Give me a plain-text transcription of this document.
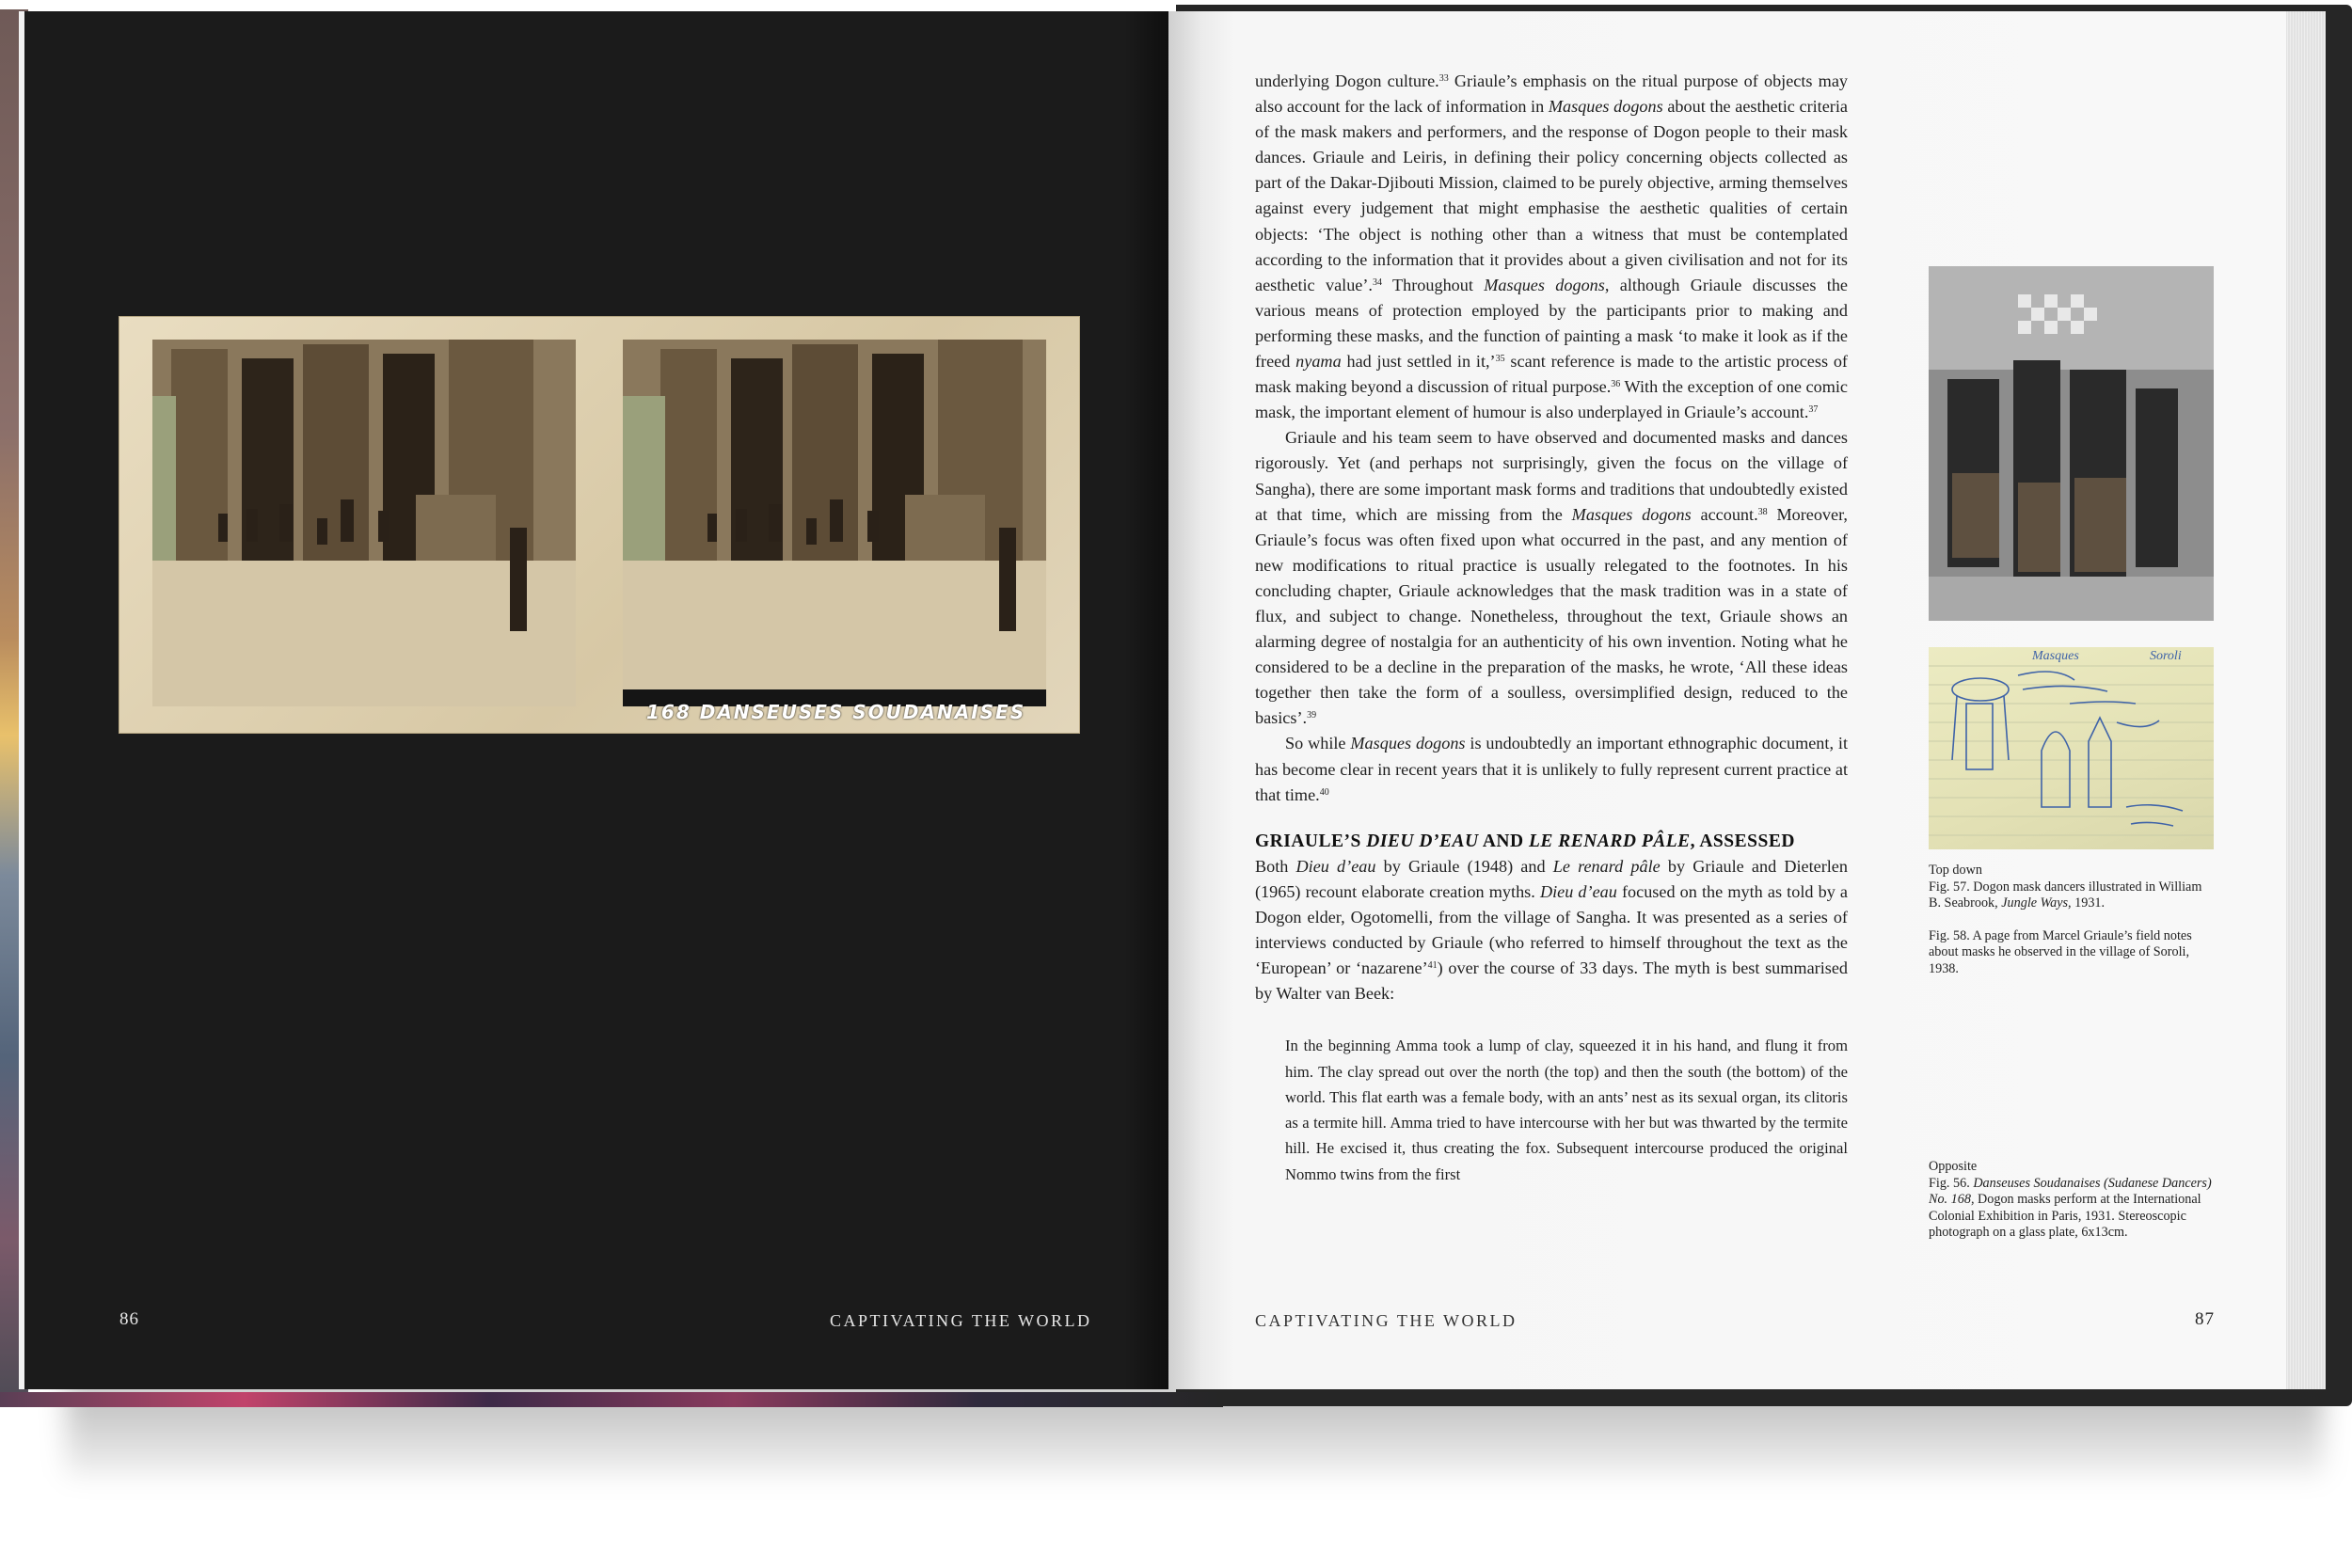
168 DANSEUSES SOUDANAISES
86	CAPTIVATING THE WORLD

underlying Dogon culture.$^{33}$ Griaule’s emphasis on the ritual purpose of objects may also account for the lack of information in Masques dogons about the aesthetic criteria of the mask makers and performers, and the response of Dogon people to their mask dances. Griaule and Leiris, in defining their policy concerning objects collected as part of the Dakar-Djibouti Mission, claimed to be purely objective, arming themselves against every judgement that might emphasise the aesthetic qualities of certain objects: ‘The object is nothing other than a witness that must be contemplated according to the information that it provides about a given civilisation and not for its aesthetic value’.$^{34}$ Throughout Masques dogons, although Griaule discusses the various means of protection employed by the participants prior to making and performing these masks, and the function of painting a mask ‘to make it look as if the freed nyama had just settled in it,’$^{35}$ scant reference is made to the artistic process of mask making beyond a discussion of ritual purpose.$^{36}$ With the exception of one comic mask, the important element of humour is also underplayed in Griaule’s account.$^{37}$

Griaule and his team seem to have observed and documented masks and dances rigorously. Yet (and perhaps not surprisingly, given the focus on the village of Sangha), there are some important mask forms and traditions that undoubtedly existed at that time, which are missing from the Masques dogons account.$^{38}$ Moreover, Griaule’s focus was often fixed upon what occurred in the past, and any mention of new modifications to ritual practice is usually relegated to the footnotes. In his concluding chapter, Griaule acknowledges that the mask tradition was in a state of flux, and subject to change. Nonetheless, throughout the text, Griaule shows an alarming degree of nostalgia for an authenticity of his own invention. Noting what he considered to be a decline in the preparation of the masks, he wrote, ‘All these ideas together then take the form of a soulless, oversimplified design, reduced to the basics’.$^{39}$

So while Masques dogons is undoubtedly an important ethnographic document, it has become clear in recent years that it is unlikely to fully represent current practice at that time.$^{40}$

GRIAULE’S DIEU D’EAU AND LE RENARD PÂLE, ASSESSED

Both Dieu d’eau by Griaule (1948) and Le renard pâle by Griaule and Dieterlen (1965) recount elaborate creation myths. Dieu d’eau focused on the myth as told by a Dogon elder, Ogotomelli, from the village of Sangha. It was presented as a series of interviews conducted by Griaule (who referred to himself throughout the text as the ‘European’ or ‘nazarene’$^{41}$) over the course of 33 days. The myth is best summarised by Walter van Beek:

In the beginning Amma took a lump of clay, squeezed it in his hand, and flung it from him. The clay spread out over the north (the top) and then the south (the bottom) of the world. This flat earth was a female body, with an ants’ nest as its sexual organ, its clitoris as a termite hill. Amma tried to have intercourse with her but was thwarted by the termite hill. He excised it, thus creating the fox. Subsequent intercourse produced the original Nommo twins from the first
Masques	Soroli
Top down
Fig. 57. Dogon mask dancers illustrated in William B. Seabrook, Jungle Ways, 1931.
Fig. 58. A page from Marcel Griaule’s field notes about masks he observed in the village of Soroli, 1938.
Opposite
Fig. 56. Danseuses Soudanaises (Sudanese Dancers) No. 168, Dogon masks perform at the International Colonial Exhibition in Paris, 1931. Stereoscopic photograph on a glass plate, 6x13cm.
CAPTIVATING THE WORLD	87
